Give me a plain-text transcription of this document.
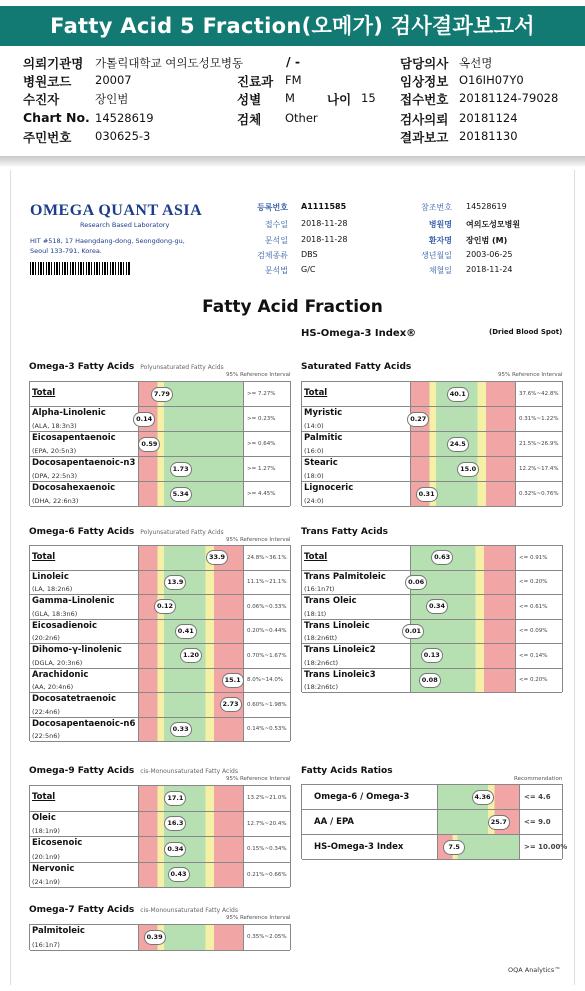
Fatty Acid 5 Fraction(오메가) 검사결과보고서
의뢰기관명 가톨릭대학교 여의도성모병동	/ -	담당의사 옥선명
병원코드 20007	진료과 FM	임상정보 O16IH07Y0
수진자	장인범	성별 M	나이 15 접수번호 20181124-79028
Chart No. 14528619	검체 Other	검사의뢰 20181124
주민번호 030625-3	결과보고 20181130
OMEGA QUANT ASIA
Research Based Laboratory
HIT #518, 17 Haengdang-dong, Seongdong-gu,
Seoul 133-791, Korea.
등록번호 A1111585
접수일 2018-11-28
문석일 2018-11-28
검체종류 DBS
문석법 G/C
참조번호 14528619
병원명 여의도성모병원
환자명 장인범 (M)
생년월일 2003-06-25
채혈일 2018-11-24
Fatty Acid Fraction
HS-Omega-3 Index®	(Dried Blood Spot)
Omega-3 Fatty Acids Polyunsaturated Fatty Acids
95% Reference Interval
Total	7.79	>= 7.27%
Alpha-Linolenic
(ALA, 18:3n3)
0.14	>= 0.23%
Eicosapentaenoic
(EPA, 20:5n3)
0.59	>= 0.64%
Docosapentaenoic-n3
(DPA, 22:5n3)
1.73	>= 1.27%
Docosahexaenoic
(DHA, 22:6n3)
5.34	>= 4.45%
Saturated Fatty Acids
95% Reference Interval
Total	40.1	37.6%~42.8%
Myristic
(14:0)
0.27	0.31%~1.22%
Palmitic
(16:0)
24.5	21.5%~26.9%
Stearic
(18:0)
15.0	12.2%~17.4%
Lignoceric
(24:0)
0.31	0.32%~0.76%
Omega-6 Fatty Acids Polyunsaturated Fatty Acids
95% Reference Interval
Total	33.9	24.8%~36.1%
Linoleic
(LA, 18:2n6)
13.9	11.1%~21.1%
Gamma-Linolenic
(GLA, 18:3n6)
0.12	0.06%~0.33%
Eicosadienoic
(20:2n6)
0.41	0.20%~0.44%
Dihomo-γ-linolenic
(DGLA, 20:3n6)
1.20	0.70%~1.67%
Arachidonic
(AA, 20:4n6)
15.1	8.0%~14.0%
Docosatetraenoic
(22:4n6)
2.73	0.60%~1.98%
Docosapentaenoic-n6
(22:5n6)
0.33	0.14%~0.53%
Trans Fatty Acids
Total	0.63	<= 0.91%
Trans Palmitoleic
(16:1n7t)
0.06	<= 0.20%
Trans Oleic
(18:1t)
0.34	<= 0.61%
Trans Linoleic
(18:2n6tt)
0.01	<= 0.09%
Trans Linoleic2
(18:2n6ct)
0.13	<= 0.14%
Trans Linoleic3
(18:2n6tc)
0.08	<= 0.20%
Omega-9 Fatty Acids cis-Monounsaturated Fatty Acids
95% Reference Interval
Total	17.1	13.2%~21.0%
Oleic
(18:1n9)
16.3	12.7%~20.4%
Eicosenoic
(20:1n9)
0.34	0.15%~0.34%
Nervonic
(24:1n9)
0.43	0.21%~0.66%
Omega-7 Fatty Acids cis-Monounsaturated Fatty Acids
95% Reference Interval
Palmitoleic
(16:1n7)
0.39	0.35%~2.05%
Fatty Acids Ratios
Recommendation
Omega-6 / Omega-3	4.36	<= 4.6
AA / EPA	25.7	<= 9.0
HS-Omega-3 Index	7.5	>= 10.00%
OQA Analytics™
